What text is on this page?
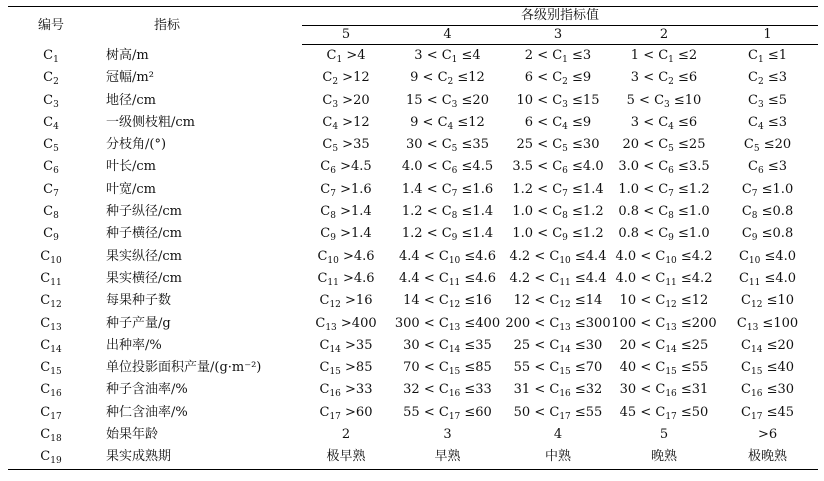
编号	指标	各级别指标值				
		5	4	3	2	1
$C_1$	树高/m	$C_1 >4$	$3 < C_1 \le 4$	$2 < C_1 \le 3$	$1 < C_1 \le 2$	$C_1 \le 1$
$C_2$	冠幅/m²	$C_2 >12$	$9 < C_2 \le 12$	$6 < C_2 \le 9$	$3 < C_2 \le 6$	$C_2 \le 3$
$C_3$	地径/cm	$C_3 >20$	$15 < C_3 \le 20$	$10 < C_3 \le 15$	$5 < C_3 \le 10$	$C_3 \le 5$
$C_4$	一级侧枝粗/cm	$C_4 >12$	$9 < C_4 \le 12$	$6 < C_4 \le 9$	$3 < C_4 \le 6$	$C_4 \le 3$
$C_5$	分枝角/(°)	$C_5 >35$	$30 < C_5 \le 35$	$25 < C_5 \le 30$	$20 < C_5 \le 25$	$C_5 \le 20$
$C_6$	叶长/cm	$C_6 >4.5$	$4.0 < C_6 \le 4.5$	$3.5 < C_6 \le 4.0$	$3.0 < C_6 \le 3.5$	$C_6 \le 3$
$C_7$	叶宽/cm	$C_7 >1.6$	$1.4 < C_7 \le 1.6$	$1.2 < C_7 \le 1.4$	$1.0 < C_7 \le 1.2$	$C_7 \le 1.0$
$C_8$	种子纵径/cm	$C_8 >1.4$	$1.2 < C_8 \le 1.4$	$1.0 < C_8 \le 1.2$	$0.8 < C_8 \le 1.0$	$C_8 \le 0.8$
$C_9$	种子横径/cm	$C_9 >1.4$	$1.2 < C_9 \le 1.4$	$1.0 < C_9 \le 1.2$	$0.8 < C_9 \le 1.0$	$C_9 \le 0.8$
$C_{10}$	果实纵径/cm	$C_{10} >4.6$	$4.4 < C_{10} \le 4.6$	$4.2 < C_{10} \le 4.4$	$4.0 < C_{10} \le 4.2$	$C_{10} \le 4.0$
$C_{11}$	果实横径/cm	$C_{11} >4.6$	$4.4 < C_{11} \le 4.6$	$4.2 < C_{11} \le 4.4$	$4.0 < C_{11} \le 4.2$	$C_{11} \le 4.0$
$C_{12}$	每果种子数	$C_{12} >16$	$14 < C_{12} \le 16$	$12 < C_{12} \le 14$	$10 < C_{12} \le 12$	$C_{12} \le 10$
$C_{13}$	种子产量/g	$C_{13} >400$	$300 < C_{13} \le 400$	$200 < C_{13} \le 300$	$100 < C_{13} \le 200$	$C_{13} \le 100$
$C_{14}$	出种率/%	$C_{14} >35$	$30 < C_{14} \le 35$	$25 < C_{14} \le 30$	$20 < C_{14} \le 25$	$C_{14} \le 20$
$C_{15}$	单位投影面积产量/(g·m⁻²)	$C_{15} >85$	$70 < C_{15} \le 85$	$55 < C_{15} \le 70$	$40 < C_{15} \le 55$	$C_{15} \le 40$
$C_{16}$	种子含油率/%	$C_{16} >33$	$32 < C_{16} \le 33$	$31 < C_{16} \le 32$	$30 < C_{16} \le 31$	$C_{16} \le 30$
$C_{17}$	种仁含油率/%	$C_{17} >60$	$55 < C_{17} \le 60$	$50 < C_{17} \le 55$	$45 < C_{17} \le 50$	$C_{17} \le 45$
$C_{18}$	始果年龄	2	3	4	5	>6
$C_{19}$	果实成熟期	极早熟	早熟	中熟	晚熟	极晚熟
